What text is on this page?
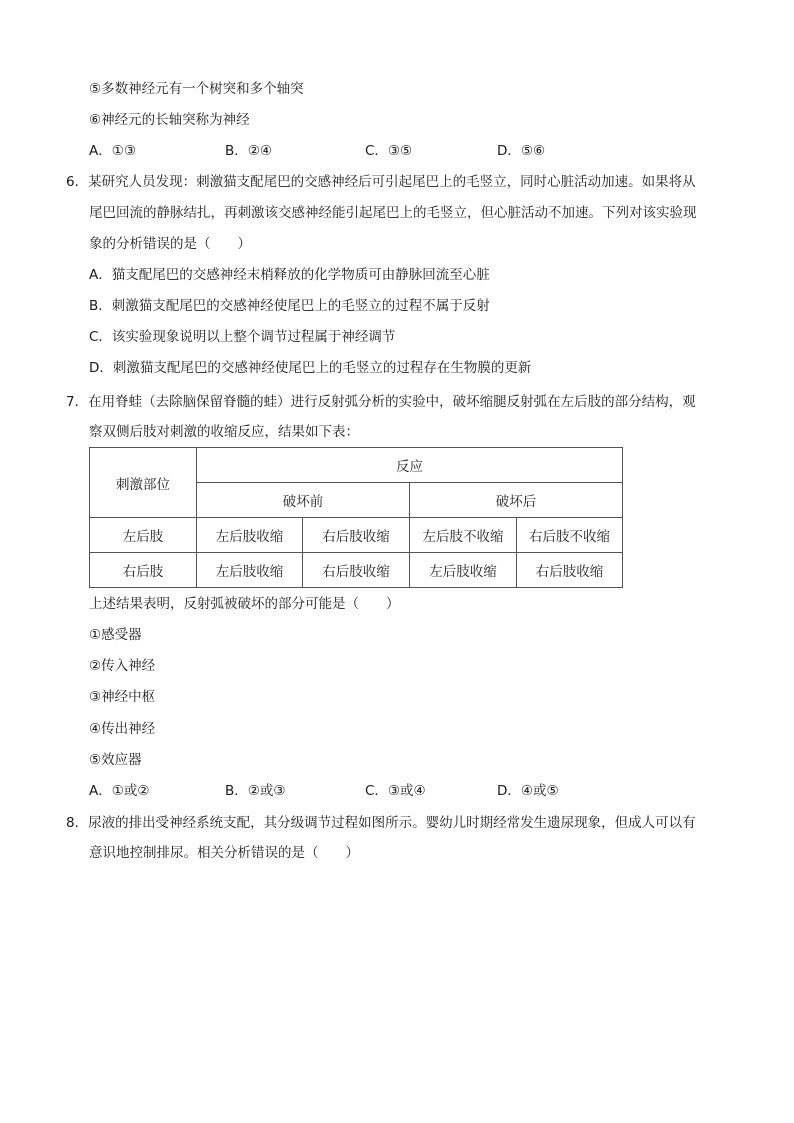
⑤多数神经元有一个树突和多个轴突
⑥神经元的长轴突称为神经
A．①③	B．②④	C．③⑤	D．⑤⑥
6．某研究人员发现：刺激猫支配尾巴的交感神经后可引起尾巴上的毛竖立，同时心脏活动加速。如果将从
尾巴回流的静脉结扎，再刺激该交感神经能引起尾巴上的毛竖立，但心脏活动不加速。下列对该实验现
象的分析错误的是（　　）
A．猫支配尾巴的交感神经末梢释放的化学物质可由静脉回流至心脏
B．刺激猫支配尾巴的交感神经使尾巴上的毛竖立的过程不属于反射
C．该实验现象说明以上整个调节过程属于神经调节
D．刺激猫支配尾巴的交感神经使尾巴上的毛竖立的过程存在生物膜的更新
7．在用脊蛙（去除脑保留脊髓的蛙）进行反射弧分析的实验中，破坏缩腿反射弧在左后肢的部分结构，观
察双侧后肢对刺激的收缩反应，结果如下表：
刺激部位	反应			
	破坏前		破坏后	
左后肢	左后肢收缩	右后肢收缩	左后肢不收缩	右后肢不收缩
右后肢	左后肢收缩	右后肢收缩	左后肢收缩	右后肢收缩
上述结果表明，反射弧被破坏的部分可能是（　　）
①感受器
②传入神经
③神经中枢
④传出神经
⑤效应器
A．①或②	B．②或③	C．③或④	D．④或⑤
8．尿液的排出受神经系统支配，其分级调节过程如图所示。婴幼儿时期经常发生遗尿现象，但成人可以有
意识地控制排尿。相关分析错误的是（　　）
